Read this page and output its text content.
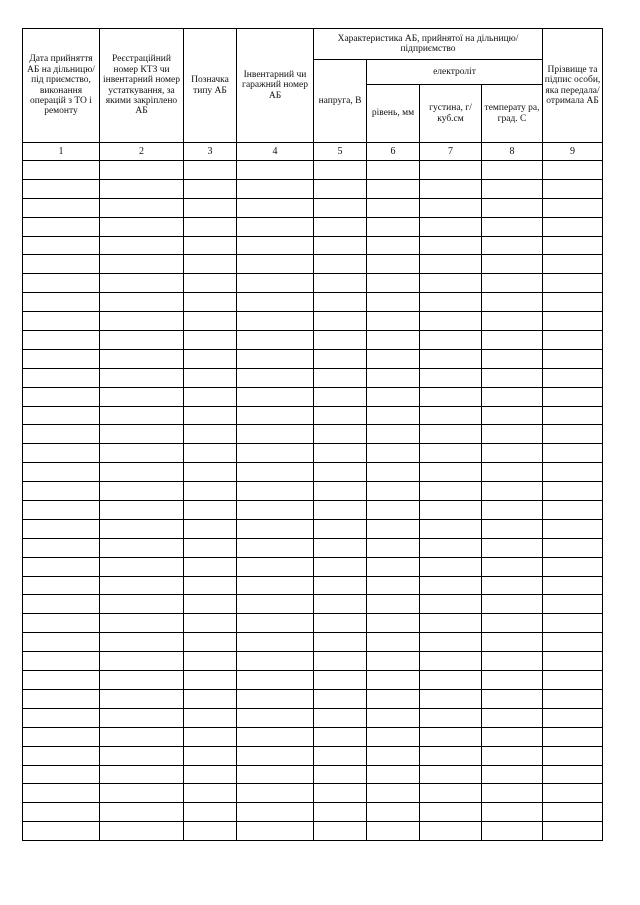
Дата прийняття АБ на дільницю/під приємство, виконання операцій з ТО і ремонту	Реєстраційний номер КТЗ чи інвентарний номер устаткування, за якими закріплено АБ	Позначка типу АБ	Інвентарний чи гаражний номер АБ	Характеристика АБ, прийнятої на дільницю/підприємство				Прізвище та підпис особи, яка передала/ отримала АБ
				напруга, В	електроліт			
					рівень, мм	густина, г/куб.см	температу ра, град. С	
1	2	3	4	5	6	7	8	9
